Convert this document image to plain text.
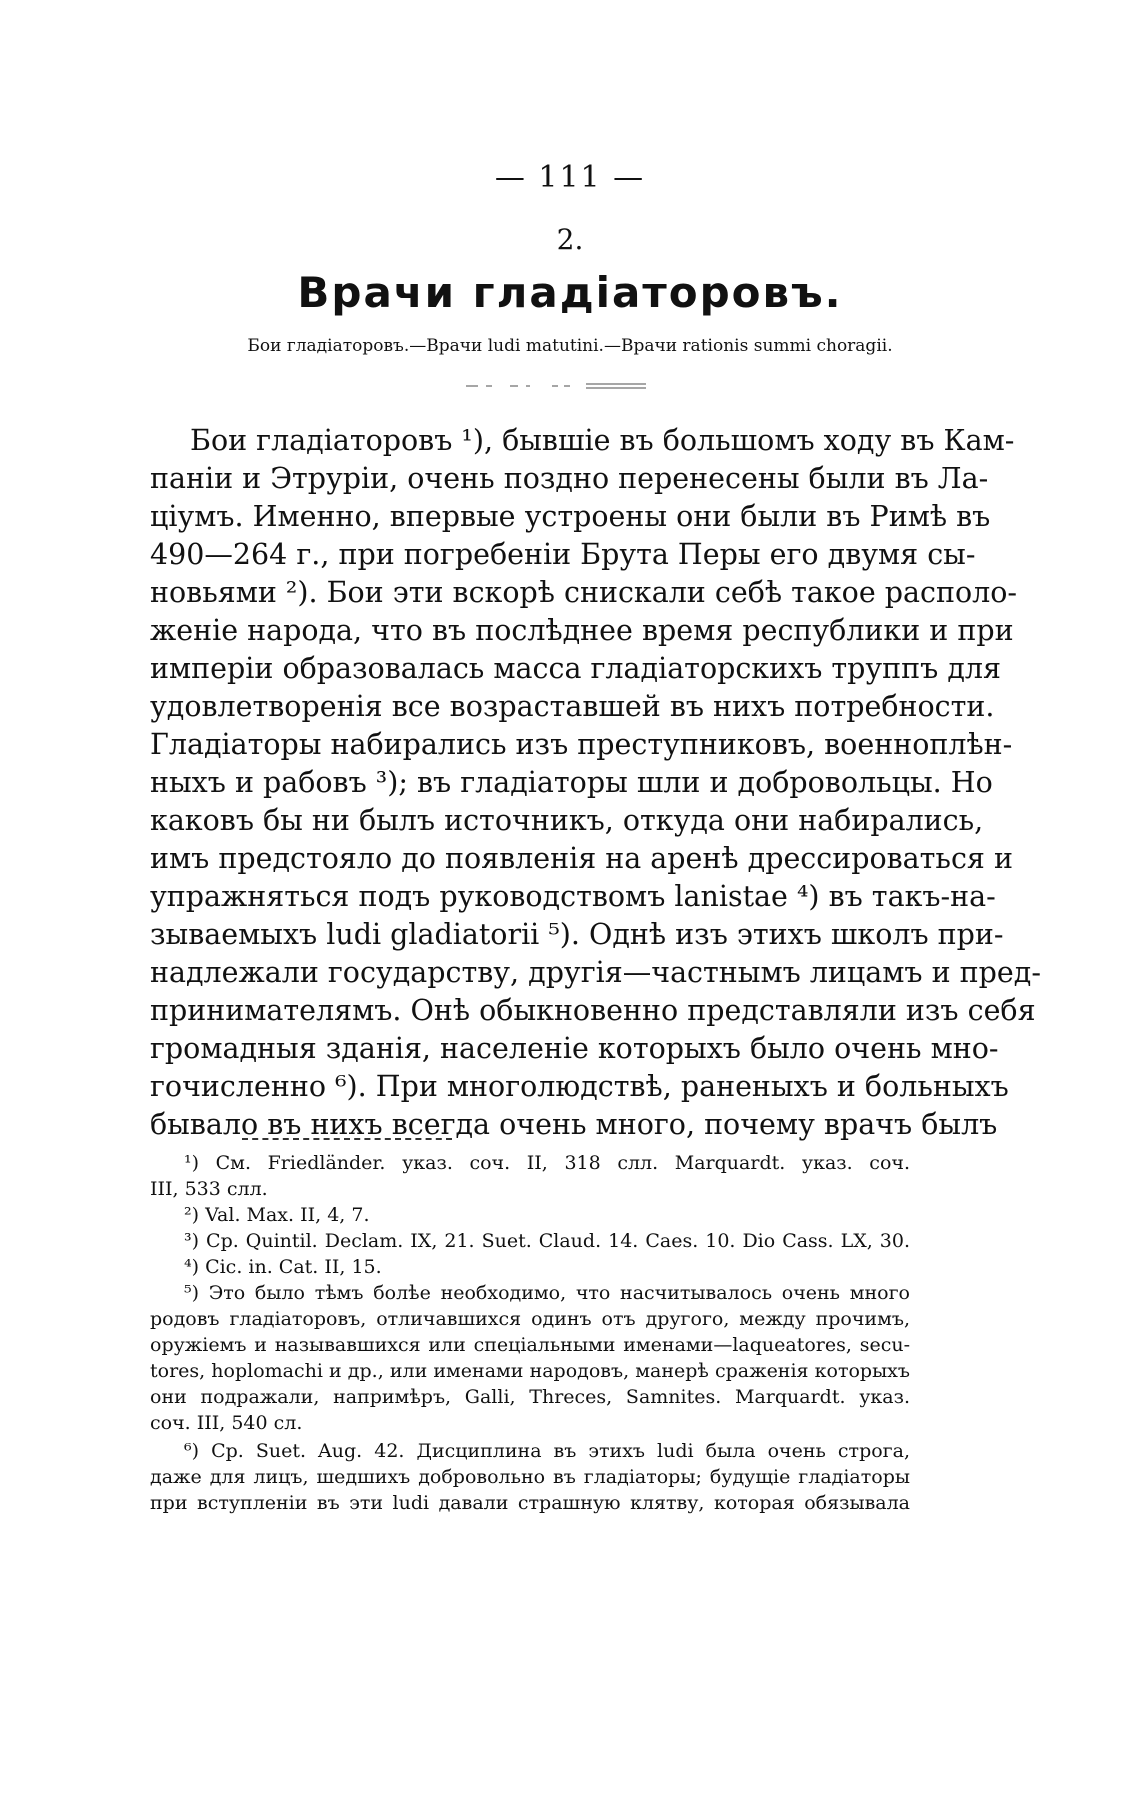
— 111 —
2.
Врачи гладіаторовъ.
Бои гладіаторовъ.—Врачи ludi matutini.—Врачи rationis summi choragii.
Бои гладіаторовъ ¹), бывшіе въ большомъ ходу въ Кам-
паніи и Этруріи, очень поздно перенесены были въ Ла-
ціумъ. Именно, впервые устроены они были въ Римѣ въ
490—264 г., при погребеніи Брута Перы его двумя сы-
новьями ²). Бои эти вскорѣ снискали себѣ такое располо-
женіе народа, что въ послѣднее время республики и при
имперіи образовалась масса гладіаторскихъ труппъ для
удовлетворенія все возраставшей въ нихъ потребности.
Гладіаторы набирались изъ преступниковъ, военноплѣн-
ныхъ и рабовъ ³); въ гладіаторы шли и добровольцы. Но
каковъ бы ни былъ источникъ, откуда они набирались,
имъ предстояло до появленія на аренѣ дрессироваться и
упражняться подъ руководствомъ lanistae ⁴) въ такъ-на-
зываемыхъ ludi gladiatorii ⁵). Однѣ изъ этихъ школъ при-
надлежали государству, другія—частнымъ лицамъ и пред-
принимателямъ. Онѣ обыкновенно представляли изъ себя
громадныя зданія, населеніе которыхъ было очень мно-
гочисленно ⁶). При многолюдствѣ, раненыхъ и больныхъ
бывало въ нихъ всегда очень много, почему врачъ былъ
¹) См. Friedländer. указ. соч. II, 318 слл. Marquardt. указ. соч.
III, 533 слл.
²) Val. Max. II, 4, 7.
³) Ср. Quintil. Declam. IX, 21. Suet. Claud. 14. Caes. 10. Dio Cass. LX, 30.
⁴) Cic. in. Cat. II, 15.
⁵) Это было тѣмъ болѣе необходимо, что насчитывалось очень много
родовъ гладіаторовъ, отличавшихся одинъ отъ другого, между прочимъ,
оружіемъ и называвшихся или спеціальными именами—laqueatores, secu-
tores, hoplomachi и др., или именами народовъ, манерѣ сраженія которыхъ
они подражали, напримѣръ, Galli, Threces, Samnites. Marquardt. указ.
соч. III, 540 сл.
⁶) Ср. Suet. Aug. 42. Дисциплина въ этихъ ludi была очень строга,
даже для лицъ, шедшихъ добровольно въ гладіаторы; будущіе гладіаторы
при вступленіи въ эти ludi давали страшную клятву, которая обязывала
